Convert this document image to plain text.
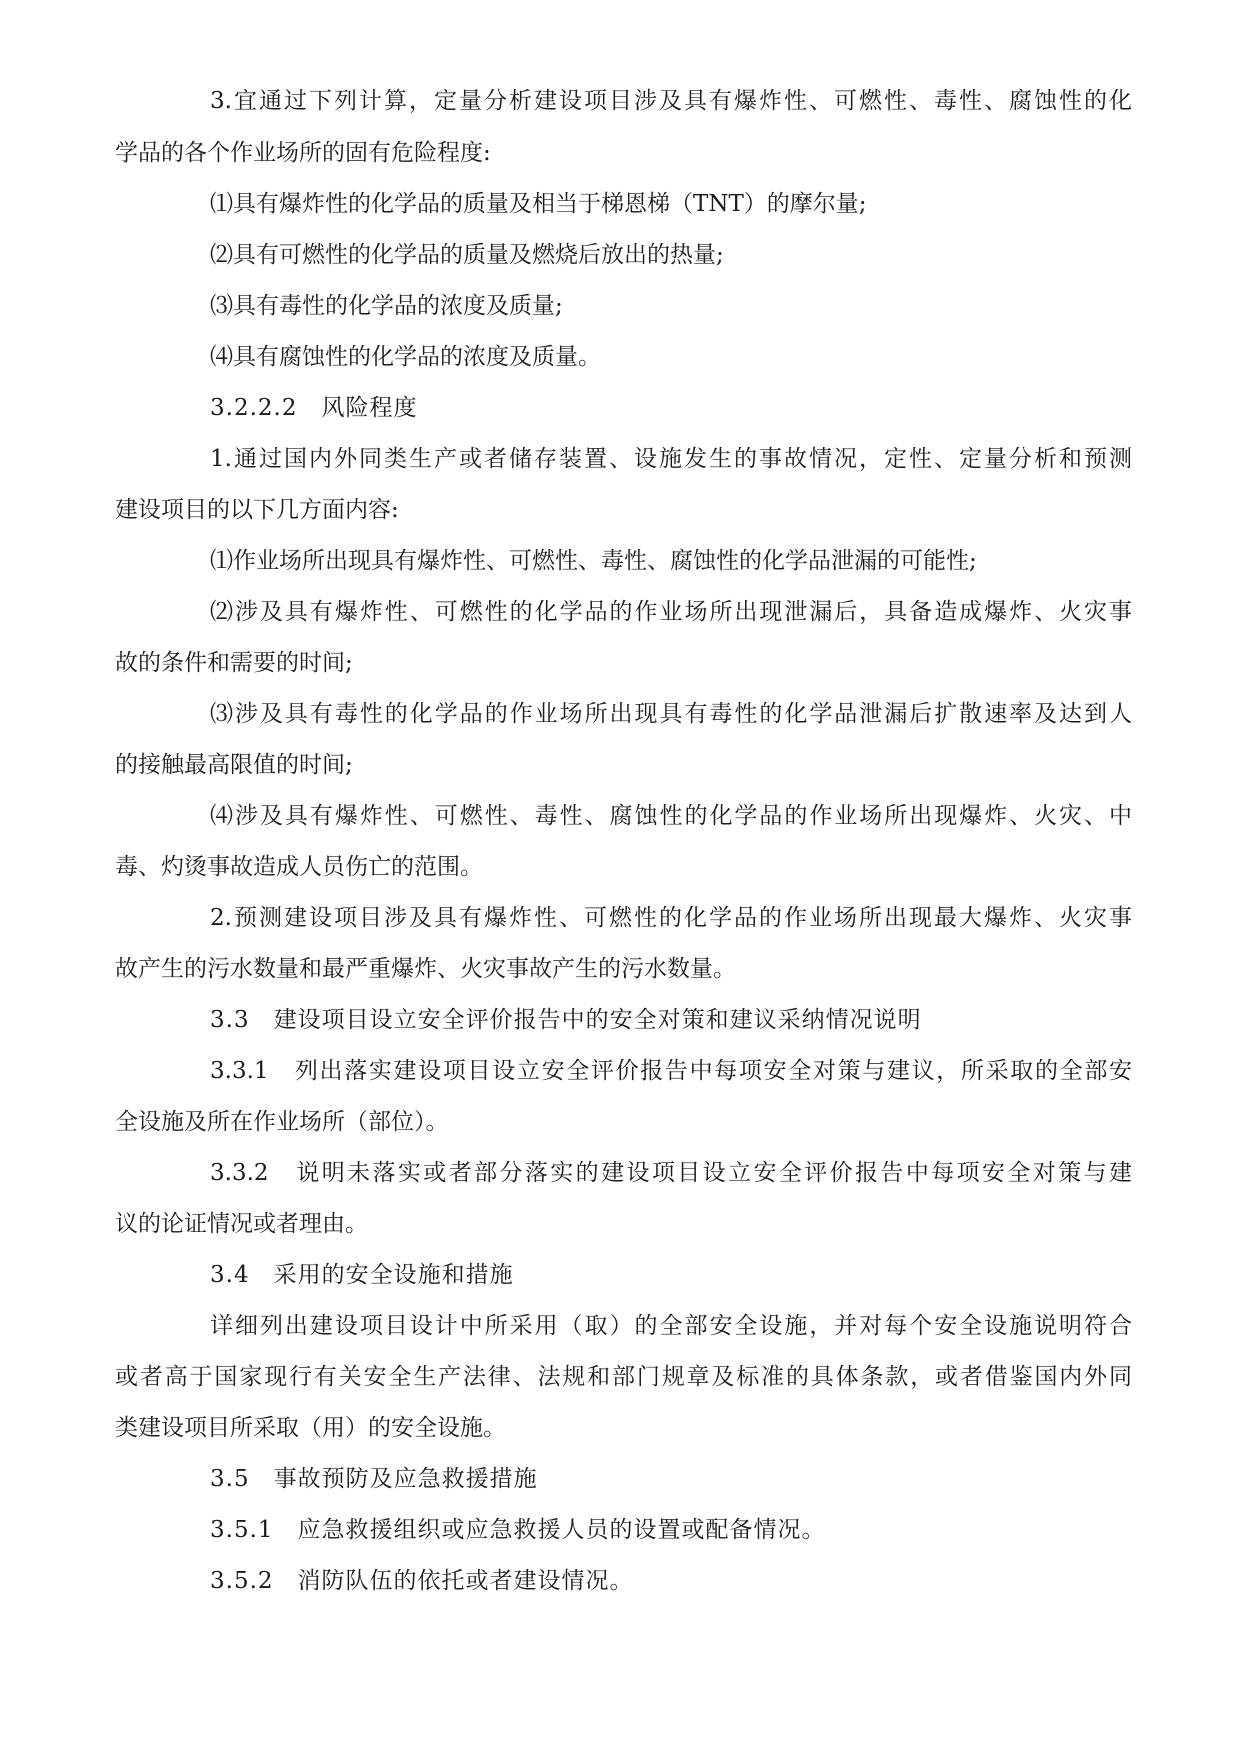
3.宜通过下列计算，定量分析建设项目涉及具有爆炸性、可燃性、毒性、腐蚀性的化
学品的各个作业场所的固有危险程度:
⑴具有爆炸性的化学品的质量及相当于梯恩梯（TNT）的摩尔量;
⑵具有可燃性的化学品的质量及燃烧后放出的热量;
⑶具有毒性的化学品的浓度及质量;
⑷具有腐蚀性的化学品的浓度及质量。
3.2.2.2　风险程度
1.通过国内外同类生产或者储存装置、设施发生的事故情况，定性、定量分析和预测
建设项目的以下几方面内容:
⑴作业场所出现具有爆炸性、可燃性、毒性、腐蚀性的化学品泄漏的可能性;
⑵涉及具有爆炸性、可燃性的化学品的作业场所出现泄漏后，具备造成爆炸、火灾事
故的条件和需要的时间;
⑶涉及具有毒性的化学品的作业场所出现具有毒性的化学品泄漏后扩散速率及达到人
的接触最高限值的时间;
⑷涉及具有爆炸性、可燃性、毒性、腐蚀性的化学品的作业场所出现爆炸、火灾、中
毒、灼烫事故造成人员伤亡的范围。
2.预测建设项目涉及具有爆炸性、可燃性的化学品的作业场所出现最大爆炸、火灾事
故产生的污水数量和最严重爆炸、火灾事故产生的污水数量。
3.3　建设项目设立安全评价报告中的安全对策和建议采纳情况说明
3.3.1　列出落实建设项目设立安全评价报告中每项安全对策与建议，所采取的全部安
全设施及所在作业场所（部位）。
3.3.2　说明未落实或者部分落实的建设项目设立安全评价报告中每项安全对策与建
议的论证情况或者理由。
3.4　采用的安全设施和措施
详细列出建设项目设计中所采用（取）的全部安全设施，并对每个安全设施说明符合
或者高于国家现行有关安全生产法律、法规和部门规章及标准的具体条款，或者借鉴国内外同
类建设项目所采取（用）的安全设施。
3.5　事故预防及应急救援措施
3.5.1　应急救援组织或应急救援人员的设置或配备情况。
3.5.2　消防队伍的依托或者建设情况。
